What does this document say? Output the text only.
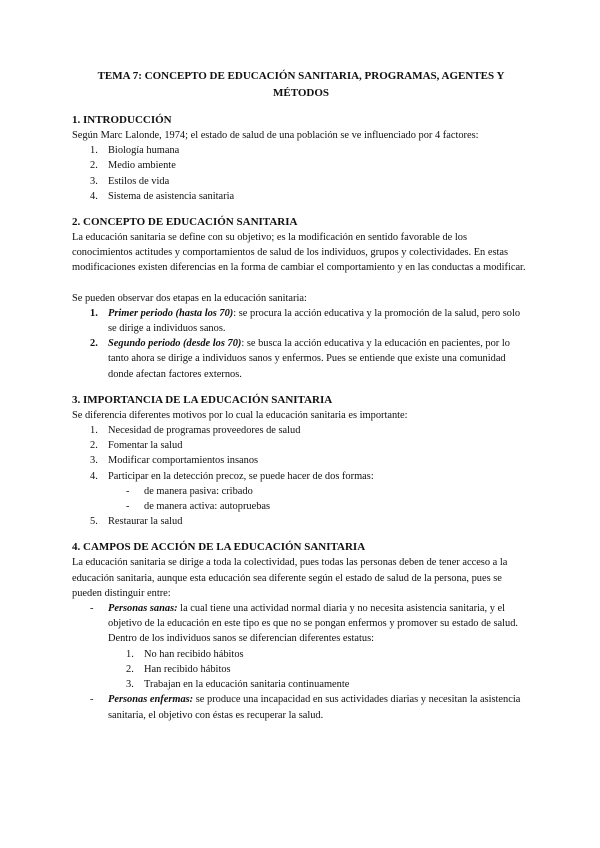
TEMA 7: CONCEPTO DE EDUCACIÓN SANITARIA, PROGRAMAS, AGENTES Y MÉTODOS
1. INTRODUCCIÓN

Según Marc Lalonde, 1974; el estado de salud de una población se ve influenciado por 4 factores:

1. Biología humana
2. Medio ambiente
3. Estilos de vida
4. Sistema de asistencia sanitaria
2. CONCEPTO DE EDUCACIÓN SANITARIA

La educación sanitaria se define con su objetivo; es la modificación en sentido favorable de los conocimientos actitudes y comportamientos de salud de los individuos, grupos y colectividades. En estas modificaciones existen diferencias en la forma de cambiar el comportamiento y en las conductas a modificar.

Se pueden observar dos etapas en la educación sanitaria:

1. Primer periodo (hasta los 70): se procura la acción educativa y la promoción de la salud, pero solo se dirige a individuos sanos.
2. Segundo periodo (desde los 70): se busca la acción educativa y la educación en pacientes, por lo tanto ahora se dirige a individuos sanos y enfermos. Pues se entiende que existe una comunidad donde afectan factores externos.
3. IMPORTANCIA DE LA EDUCACIÓN SANITARIA

Se diferencia diferentes motivos por lo cual la educación sanitaria es importante:

1. Necesidad de programas proveedores de salud
2. Fomentar la salud
3. Modificar comportamientos insanos
4. Participar en la detección precoz, se puede hacer de dos formas:
- de manera pasiva: cribado
- de manera activa: autopruebas
5. Restaurar la salud
4. CAMPOS DE ACCIÓN DE LA EDUCACIÓN SANITARIA

La educación sanitaria se dirige a toda la colectividad, pues todas las personas deben de tener acceso a la educación sanitaria, aunque esta educación sea diferente según el estado de salud de la persona, pues se pueden distinguir entre:

- Personas sanas: la cual tiene una actividad normal diaria y no necesita asistencia sanitaria, y el objetivo de la educación en este tipo es que no se pongan enfermos y promover su estado de salud.

Dentro de los individuos sanos se diferencian diferentes estatus:

1. No han recibido hábitos
2. Han recibido hábitos
3. Trabajan en la educación sanitaria continuamente
- Personas enfermas: se produce una incapacidad en sus actividades diarias y necesitan la asistencia sanitaria, el objetivo con éstas es recuperar la salud.
